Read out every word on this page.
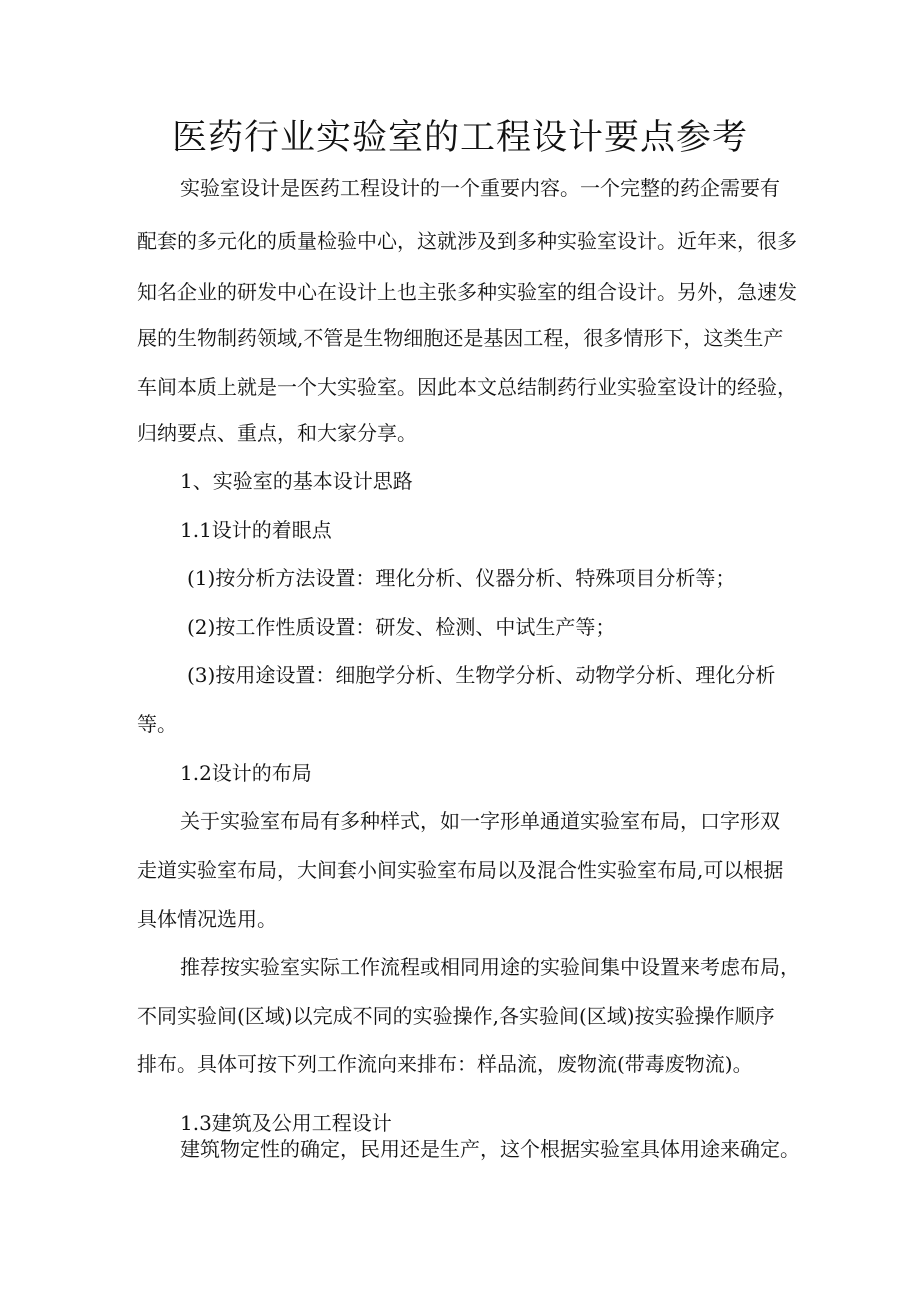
医药行业实验室的工程设计要点参考

实验室设计是医药工程设计的一个重要内容。一个完整的药企需要有

配套的多元化的质量检验中心，这就涉及到多种实验室设计。近年来，很多

知名企业的研发中心在设计上也主张多种实验室的组合设计。另外，急速发

展的生物制药领域,不管是生物细胞还是基因工程，很多情形下，这类生产

车间本质上就是一个大实验室。因此本文总结制药行业实验室设计的经验，

归纳要点、重点，和大家分享。

1、实验室的基本设计思路

1.1设计的着眼点

(1)按分析方法设置：理化分析、仪器分析、特殊项目分析等；

(2)按工作性质设置：研发、检测、中试生产等；

(3)按用途设置：细胞学分析、生物学分析、动物学分析、理化分析

等。

1.2设计的布局

关于实验室布局有多种样式，如一字形单通道实验室布局，口字形双

走道实验室布局，大间套小间实验室布局以及混合性实验室布局,可以根据

具体情况选用。

推荐按实验室实际工作流程或相同用途的实验间集中设置来考虑布局，

不同实验间(区域)以完成不同的实验操作,各实验间(区域)按实验操作顺序

排布。具体可按下列工作流向来排布：样品流，废物流(带毒废物流)。

1.3建筑及公用工程设计

建筑物定性的确定，民用还是生产，这个根据实验室具体用途来确定。
